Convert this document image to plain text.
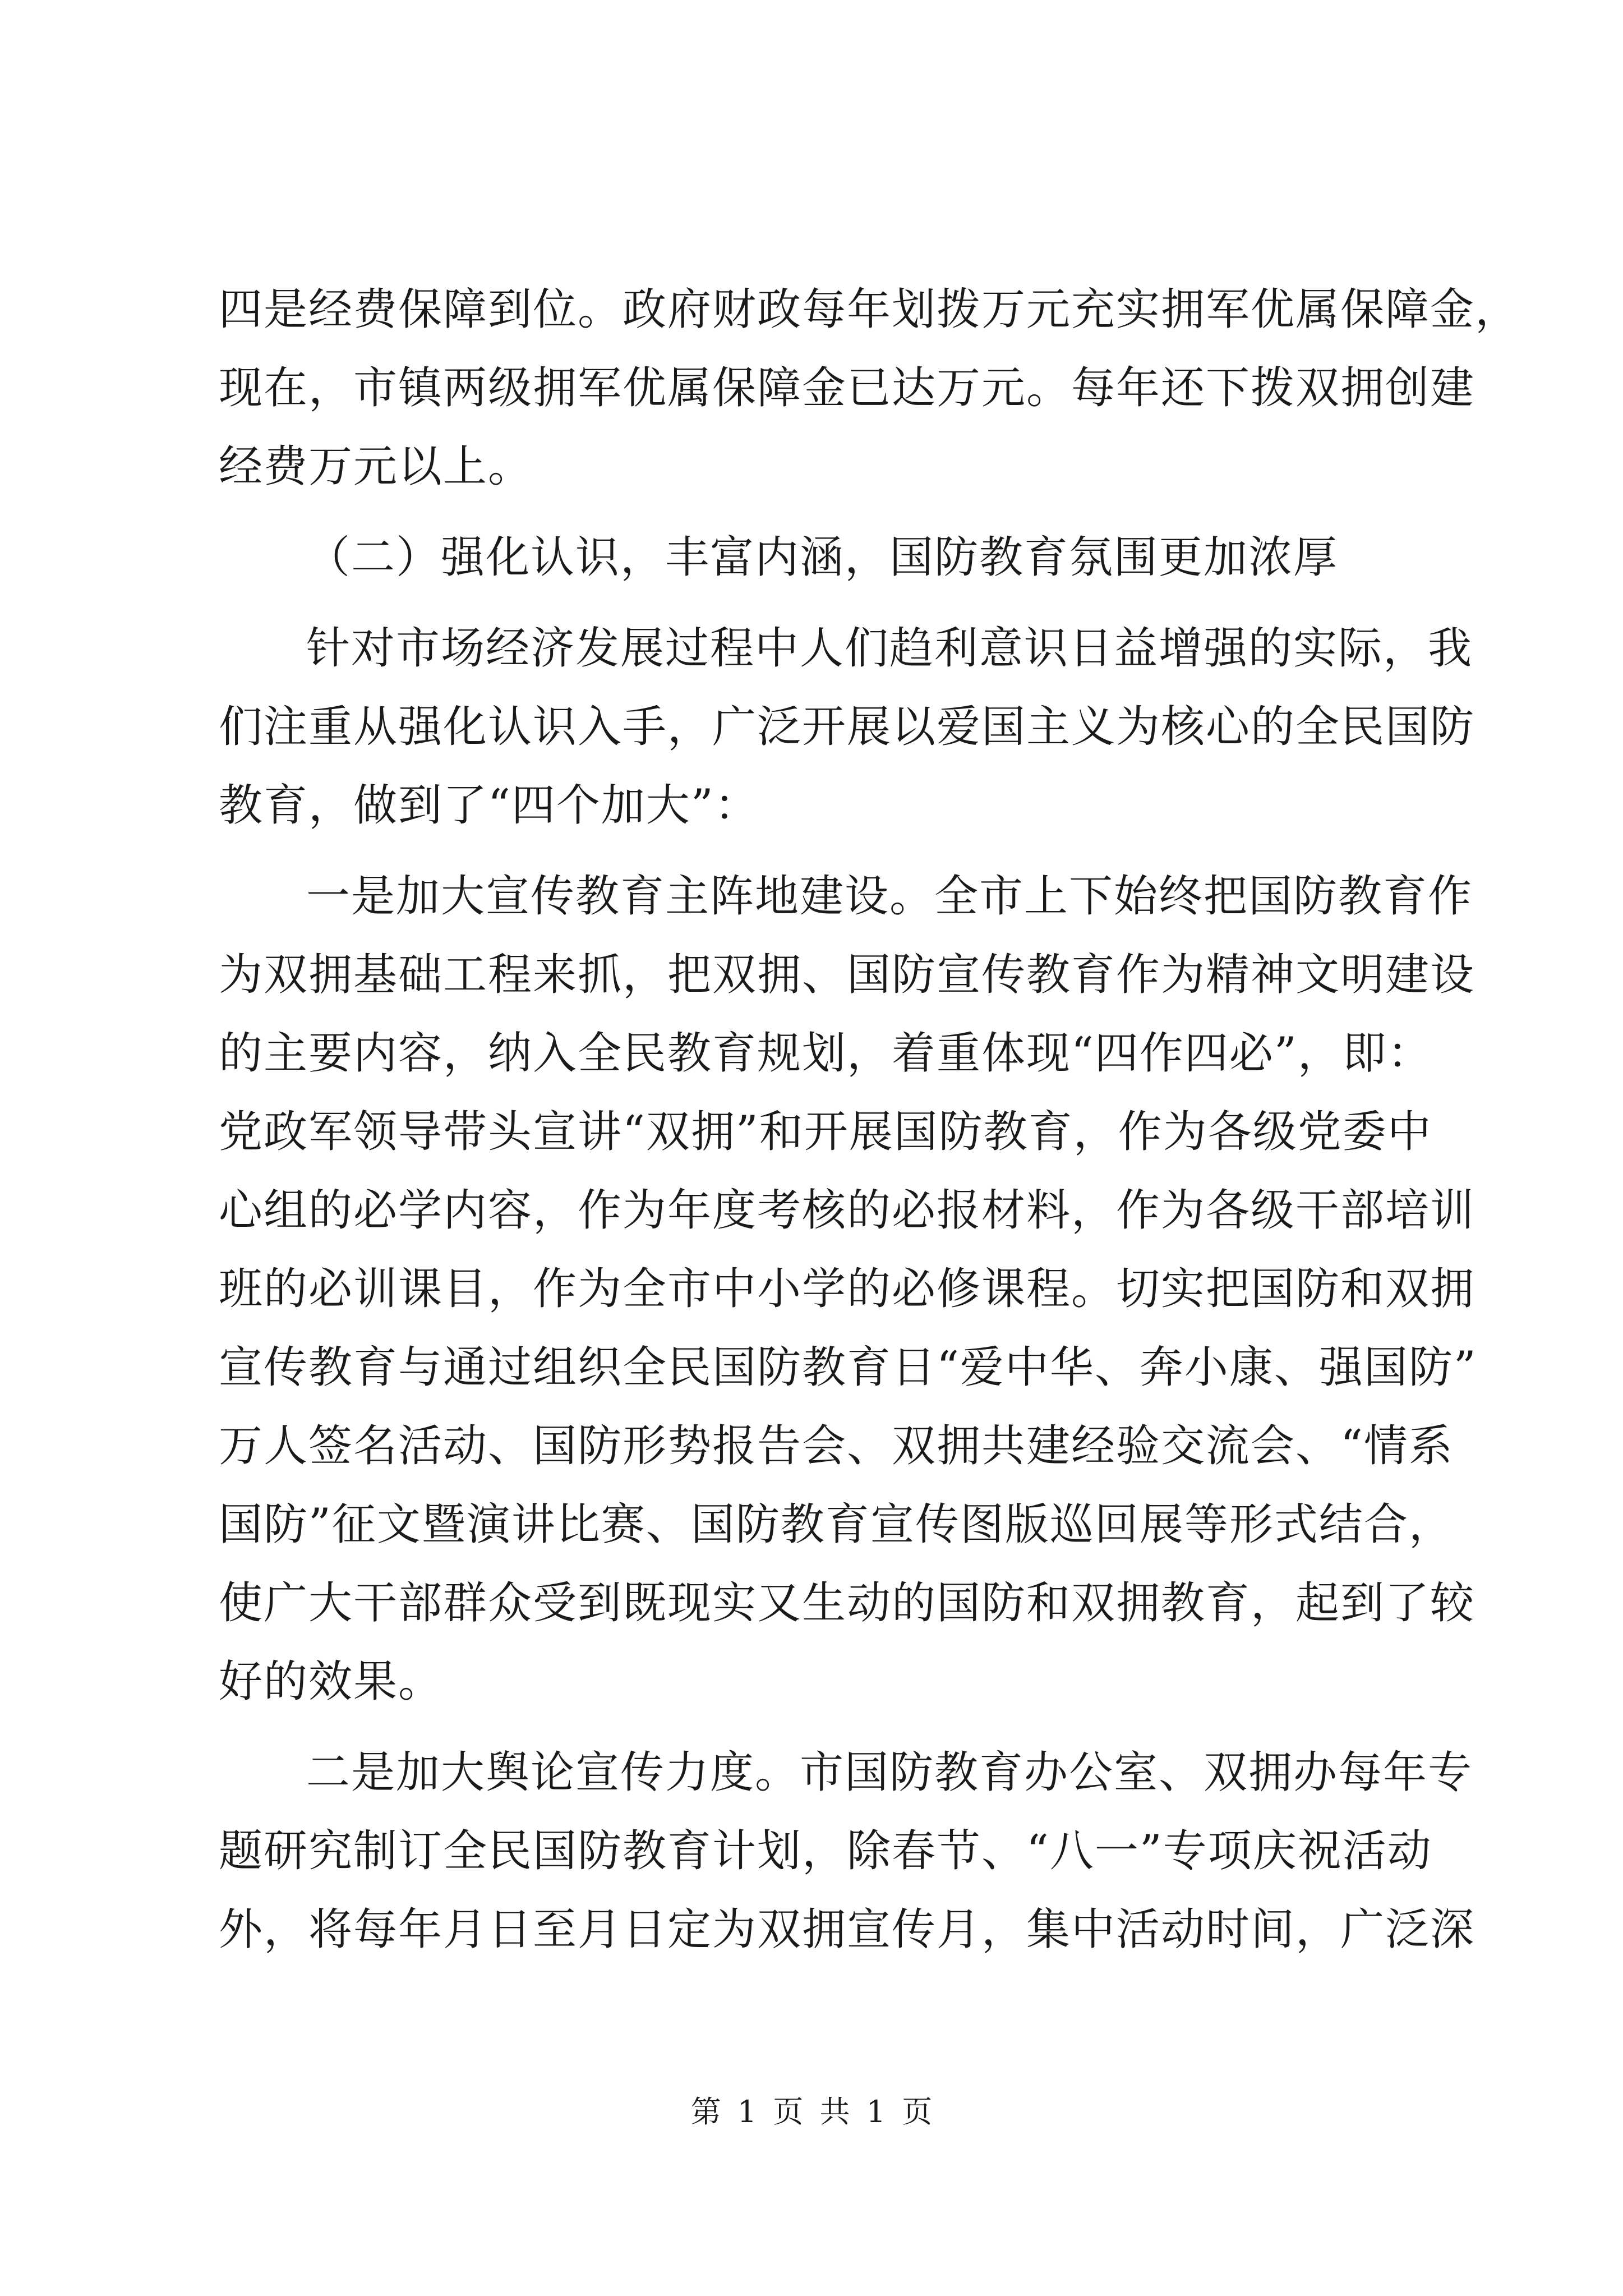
四是经费保障到位。政府财政每年划拨万元充实拥军优属保障金，
现在，市镇两级拥军优属保障金已达万元。每年还下拨双拥创建
经费万元以上。
（二）强化认识，丰富内涵，国防教育氛围更加浓厚
针对市场经济发展过程中人们趋利意识日益增强的实际，我
们注重从强化认识入手，广泛开展以爱国主义为核心的全民国防
教育，做到了“四个加大”：
一是加大宣传教育主阵地建设。全市上下始终把国防教育作
为双拥基础工程来抓，把双拥、国防宣传教育作为精神文明建设
的主要内容，纳入全民教育规划，着重体现“四作四必”，即：
党政军领导带头宣讲“双拥”和开展国防教育，作为各级党委中
心组的必学内容，作为年度考核的必报材料，作为各级干部培训
班的必训课目，作为全市中小学的必修课程。切实把国防和双拥
宣传教育与通过组织全民国防教育日“爱中华、奔小康、强国防”
万人签名活动、国防形势报告会、双拥共建经验交流会、“情系
国防”征文暨演讲比赛、国防教育宣传图版巡回展等形式结合，
使广大干部群众受到既现实又生动的国防和双拥教育，起到了较
好的效果。
二是加大舆论宣传力度。市国防教育办公室、双拥办每年专
题研究制订全民国防教育计划，除春节、“八一”专项庆祝活动
外，将每年月日至月日定为双拥宣传月，集中活动时间，广泛深
第 1 页 共 1 页
